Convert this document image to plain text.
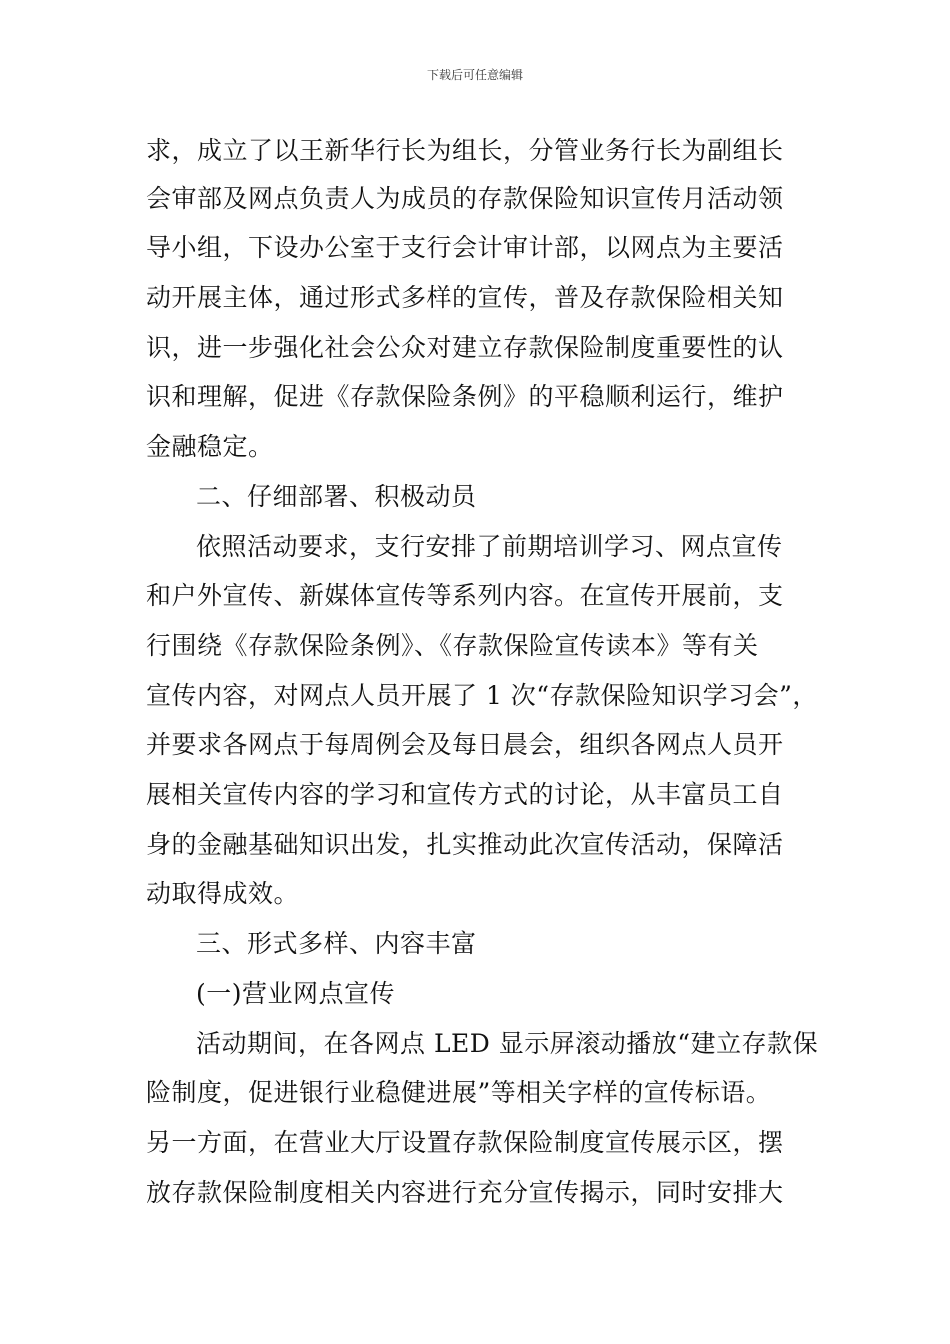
下载后可任意编辑
求，成立了以王新华行长为组长，分管业务行长为副组长
会审部及网点负责人为成员的存款保险知识宣传月活动领
导小组，下设办公室于支行会计审计部，以网点为主要活
动开展主体，通过形式多样的宣传，普及存款保险相关知
识，进一步强化社会公众对建立存款保险制度重要性的认
识和理解，促进《存款保险条例》的平稳顺利运行，维护
金融稳定。
二、仔细部署、积极动员
依照活动要求，支行安排了前期培训学习、网点宣传
和户外宣传、新媒体宣传等系列内容。在宣传开展前，支
行围绕《存款保险条例》、《存款保险宣传读本》等有关
宣传内容，对网点人员开展了 1 次“存款保险知识学习会”，
并要求各网点于每周例会及每日晨会，组织各网点人员开
展相关宣传内容的学习和宣传方式的讨论，从丰富员工自
身的金融基础知识出发，扎实推动此次宣传活动，保障活
动取得成效。
三、形式多样、内容丰富
(一)营业网点宣传
活动期间，在各网点 LED 显示屏滚动播放“建立存款保
险制度，促进银行业稳健进展”等相关字样的宣传标语。
另一方面，在营业大厅设置存款保险制度宣传展示区，摆
放存款保险制度相关内容进行充分宣传揭示，同时安排大
